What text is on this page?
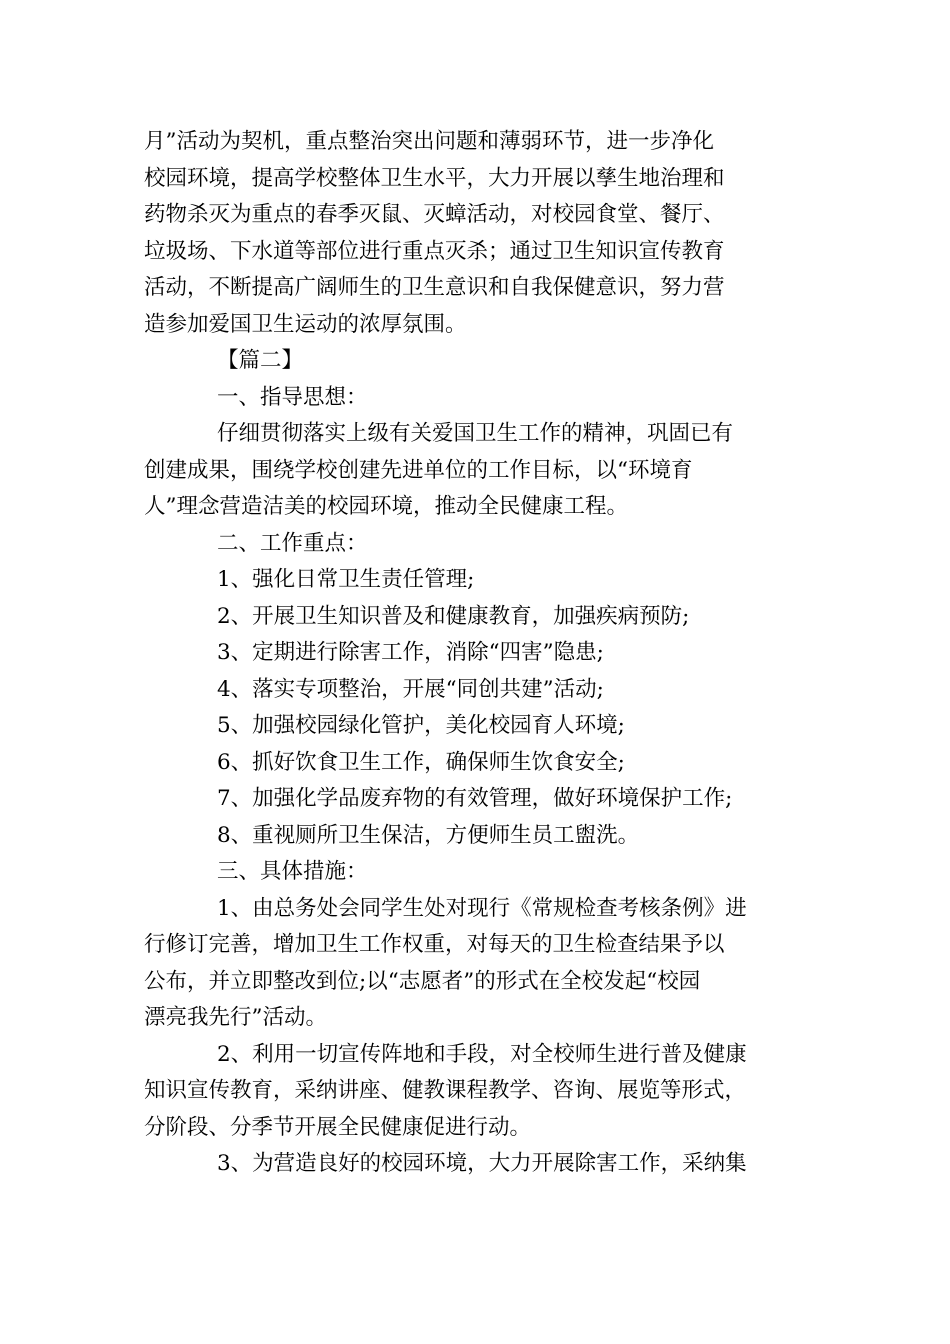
月”活动为契机，重点整治突出问题和薄弱环节，进一步净化
校园环境，提高学校整体卫生水平，大力开展以孳生地治理和
药物杀灭为重点的春季灭鼠、灭蟑活动，对校园食堂、餐厅、
垃圾场、下水道等部位进行重点灭杀；通过卫生知识宣传教育
活动，不断提高广阔师生的卫生意识和自我保健意识，努力营
造参加爱国卫生运动的浓厚氛围。
【篇二】
一、指导思想：
仔细贯彻落实上级有关爱国卫生工作的精神，巩固已有
创建成果，围绕学校创建先进单位的工作目标，以“环境育
人”理念营造洁美的校园环境，推动全民健康工程。
二、工作重点：
1、强化日常卫生责任管理;
2、开展卫生知识普及和健康教育，加强疾病预防;
3、定期进行除害工作，消除“四害”隐患;
4、落实专项整治，开展“同创共建”活动;
5、加强校园绿化管护，美化校园育人环境;
6、抓好饮食卫生工作，确保师生饮食安全;
7、加强化学品废弃物的有效管理，做好环境保护工作;
8、重视厕所卫生保洁，方便师生员工盥洗。
三、具体措施：
1、由总务处会同学生处对现行《常规检查考核条例》进
行修订完善，增加卫生工作权重，对每天的卫生检查结果予以
公布，并立即整改到位;以“志愿者”的形式在全校发起“校园
漂亮我先行”活动。
2、利用一切宣传阵地和手段，对全校师生进行普及健康
知识宣传教育，采纳讲座、健教课程教学、咨询、展览等形式，
分阶段、分季节开展全民健康促进行动。
3、为营造良好的校园环境，大力开展除害工作，采纳集
